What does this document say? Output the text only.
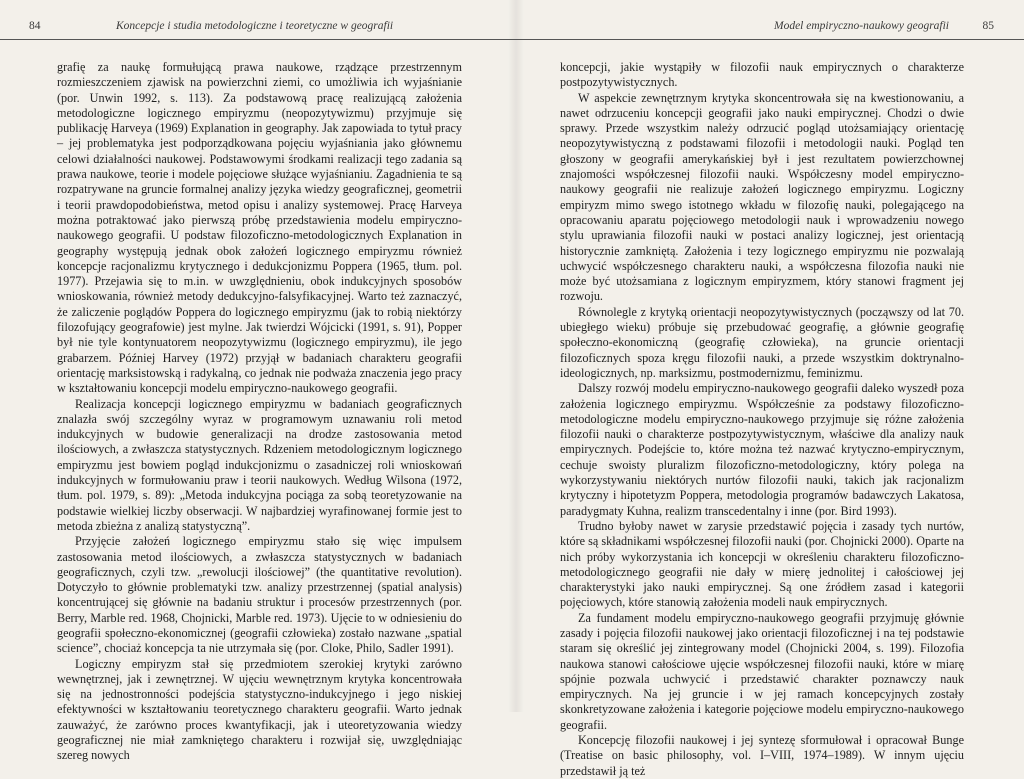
84	Koncepcje i studia metodologiczne i teoretyczne w geografii

grafię za naukę formułującą prawa naukowe, rządzące przestrzennym rozmieszczeniem zjawisk na powierzchni ziemi, co umożliwia ich wyjaśnianie (por. Unwin 1992, s. 113). Za podstawową pracę realizującą założenia metodologiczne logicznego empiryzmu (neopozytywizmu) przyjmuje się publikację Harveya (1969) Explanation in geography. Jak zapowiada to tytuł pracy – jej problematyka jest podporządkowana pojęciu wyjaśniania jako głównemu celowi działalności naukowej. Podstawowymi środkami realizacji tego zadania są prawa naukowe, teorie i modele pojęciowe służące wyjaśnianiu. Zagadnienia te są rozpatrywane na gruncie formalnej analizy języka wiedzy geograficznej, geometrii i teorii prawdopodobieństwa, metod opisu i analizy systemowej. Pracę Harveya można potraktować jako pierwszą próbę przedstawienia modelu empiryczno-naukowego geografii. U podstaw filozoficzno-metodologicznych Explanation in geography występują jednak obok założeń logicznego empiryzmu również koncepcje racjonalizmu krytycznego i dedukcjonizmu Poppera (1965, tłum. pol. 1977). Przejawia się to m.in. w uwzględnieniu, obok indukcyjnych sposobów wnioskowania, również metody dedukcyjno-falsyfikacyjnej. Warto też zaznaczyć, że zaliczenie poglądów Poppera do logicznego empiryzmu (jak to robią niektórzy filozofujący geografowie) jest mylne. Jak twierdzi Wójcicki (1991, s. 91), Popper był nie tyle kontynuatorem neopozytywizmu (logicznego empiryzmu), ile jego grabarzem. Później Harvey (1972) przyjął w badaniach charakteru geografii orientację marksistowską i radykalną, co jednak nie podważa znaczenia jego pracy w kształtowaniu koncepcji modelu empiryczno-naukowego geografii.

Realizacja koncepcji logicznego empiryzmu w badaniach geograficznych znalazła swój szczególny wyraz w programowym uznawaniu roli metod indukcyjnych w budowie generalizacji na drodze zastosowania metod ilościowych, a zwłaszcza statystycznych. Rdzeniem metodologicznym logicznego empiryzmu jest bowiem pogląd indukcjonizmu o zasadniczej roli wnioskowań indukcyjnych w formułowaniu praw i teorii naukowych. Według Wilsona (1972, tłum. pol. 1979, s. 89): „Metoda indukcyjna pociąga za sobą teoretyzowanie na podstawie wielkiej liczby obserwacji. W najbardziej wyrafinowanej formie jest to metoda zbieżna z analizą statystyczną”.

Przyjęcie założeń logicznego empiryzmu stało się więc impulsem zastosowania metod ilościowych, a zwłaszcza statystycznych w badaniach geograficznych, czyli tzw. „rewolucji ilościowej” (the quantitative revolution). Dotyczyło to głównie problematyki tzw. analizy przestrzennej (spatial analysis) koncentrującej się głównie na badaniu struktur i procesów przestrzennych (por. Berry, Marble red. 1968, Chojnicki, Marble red. 1973). Ujęcie to w odniesieniu do geografii społeczno-ekonomicznej (geografii człowieka) zostało nazwane „spatial science”, chociaż koncepcja ta nie utrzymała się (por. Cloke, Philo, Sadler 1991).

Logiczny empiryzm stał się przedmiotem szerokiej krytyki zarówno wewnętrznej, jak i zewnętrznej. W ujęciu wewnętrznym krytyka koncentrowała się na jednostronności podejścia statystyczno-indukcyjnego i jego niskiej efektywności w kształtowaniu teoretycznego charakteru geografii. Warto jednak zauważyć, że zarówno proces kwantyfikacji, jak i uteoretyzowania wiedzy geograficznej nie miał zamkniętego charakteru i rozwijał się, uwzględniając szereg nowych

Model empiryczno-naukowy geografii	85

koncepcji, jakie wystąpiły w filozofii nauk empirycznych o charakterze postpozytywistycznych.

W aspekcie zewnętrznym krytyka skoncentrowała się na kwestionowaniu, a nawet odrzuceniu koncepcji geografii jako nauki empirycznej. Chodzi o dwie sprawy. Przede wszystkim należy odrzucić pogląd utożsamiający orientację neopozytywistyczną z podstawami filozofii i metodologii nauki. Pogląd ten głoszony w geografii amerykańskiej był i jest rezultatem powierzchownej znajomości współczesnej filozofii nauki. Współczesny model empiryczno-naukowy geografii nie realizuje założeń logicznego empiryzmu. Logiczny empiryzm mimo swego istotnego wkładu w filozofię nauki, polegającego na opracowaniu aparatu pojęciowego metodologii nauk i wprowadzeniu nowego stylu uprawiania filozofii nauki w postaci analizy logicznej, jest orientacją historycznie zamkniętą. Założenia i tezy logicznego empiryzmu nie pozwalają uchwycić współczesnego charakteru nauki, a współczesna filozofia nauki nie może być utożsamiana z logicznym empiryzmem, który stanowi fragment jej rozwoju.

Równolegle z krytyką orientacji neopozytywistycznych (począwszy od lat 70. ubiegłego wieku) próbuje się przebudować geografię, a głównie geografię społeczno-ekonomiczną (geografię człowieka), na gruncie orientacji filozoficznych spoza kręgu filozofii nauki, a przede wszystkim doktrynalno-ideologicznych, np. marksizmu, postmodernizmu, feminizmu.

Dalszy rozwój modelu empiryczno-naukowego geografii daleko wyszedł poza założenia logicznego empiryzmu. Współcześnie za podstawy filozoficzno-metodologiczne modelu empiryczno-naukowego przyjmuje się różne założenia filozofii nauki o charakterze postpozytywistycznym, właściwe dla analizy nauk empirycznych. Podejście to, które można też nazwać krytyczno-empirycznym, cechuje swoisty pluralizm filozoficzno-metodologiczny, który polega na wykorzystywaniu niektórych nurtów filozofii nauki, takich jak racjonalizm krytyczny i hipotetyzm Poppera, metodologia programów badawczych Lakatosa, paradygmaty Kuhna, realizm transcedentalny i inne (por. Bird 1993).

Trudno byłoby nawet w zarysie przedstawić pojęcia i zasady tych nurtów, które są składnikami współczesnej filozofii nauki (por. Chojnicki 2000). Oparte na nich próby wykorzystania ich koncepcji w określeniu charakteru filozoficzno-metodologicznego geografii nie dały w mierę jednolitej i całościowej jej charakterystyki jako nauki empirycznej. Są one źródłem zasad i kategorii pojęciowych, które stanowią założenia modeli nauk empirycznych.

Za fundament modelu empiryczno-naukowego geografii przyjmuję głównie zasady i pojęcia filozofii naukowej jako orientacji filozoficznej i na tej podstawie staram się określić jej zintegrowany model (Chojnicki 2004, s. 199). Filozofia naukowa stanowi całościowe ujęcie współczesnej filozofii nauki, które w miarę spójnie pozwala uchwycić i przedstawić charakter poznawczy nauk empirycznych. Na jej gruncie i w jej ramach koncepcyjnych zostały skonkretyzowane założenia i kategorie pojęciowe modelu empiryczno-naukowego geografii.

Koncepcję filozofii naukowej i jej syntezę sformułował i opracował Bunge (Treatise on basic philosophy, vol. I–VIII, 1974–1989). W innym ujęciu przedstawił ją też
